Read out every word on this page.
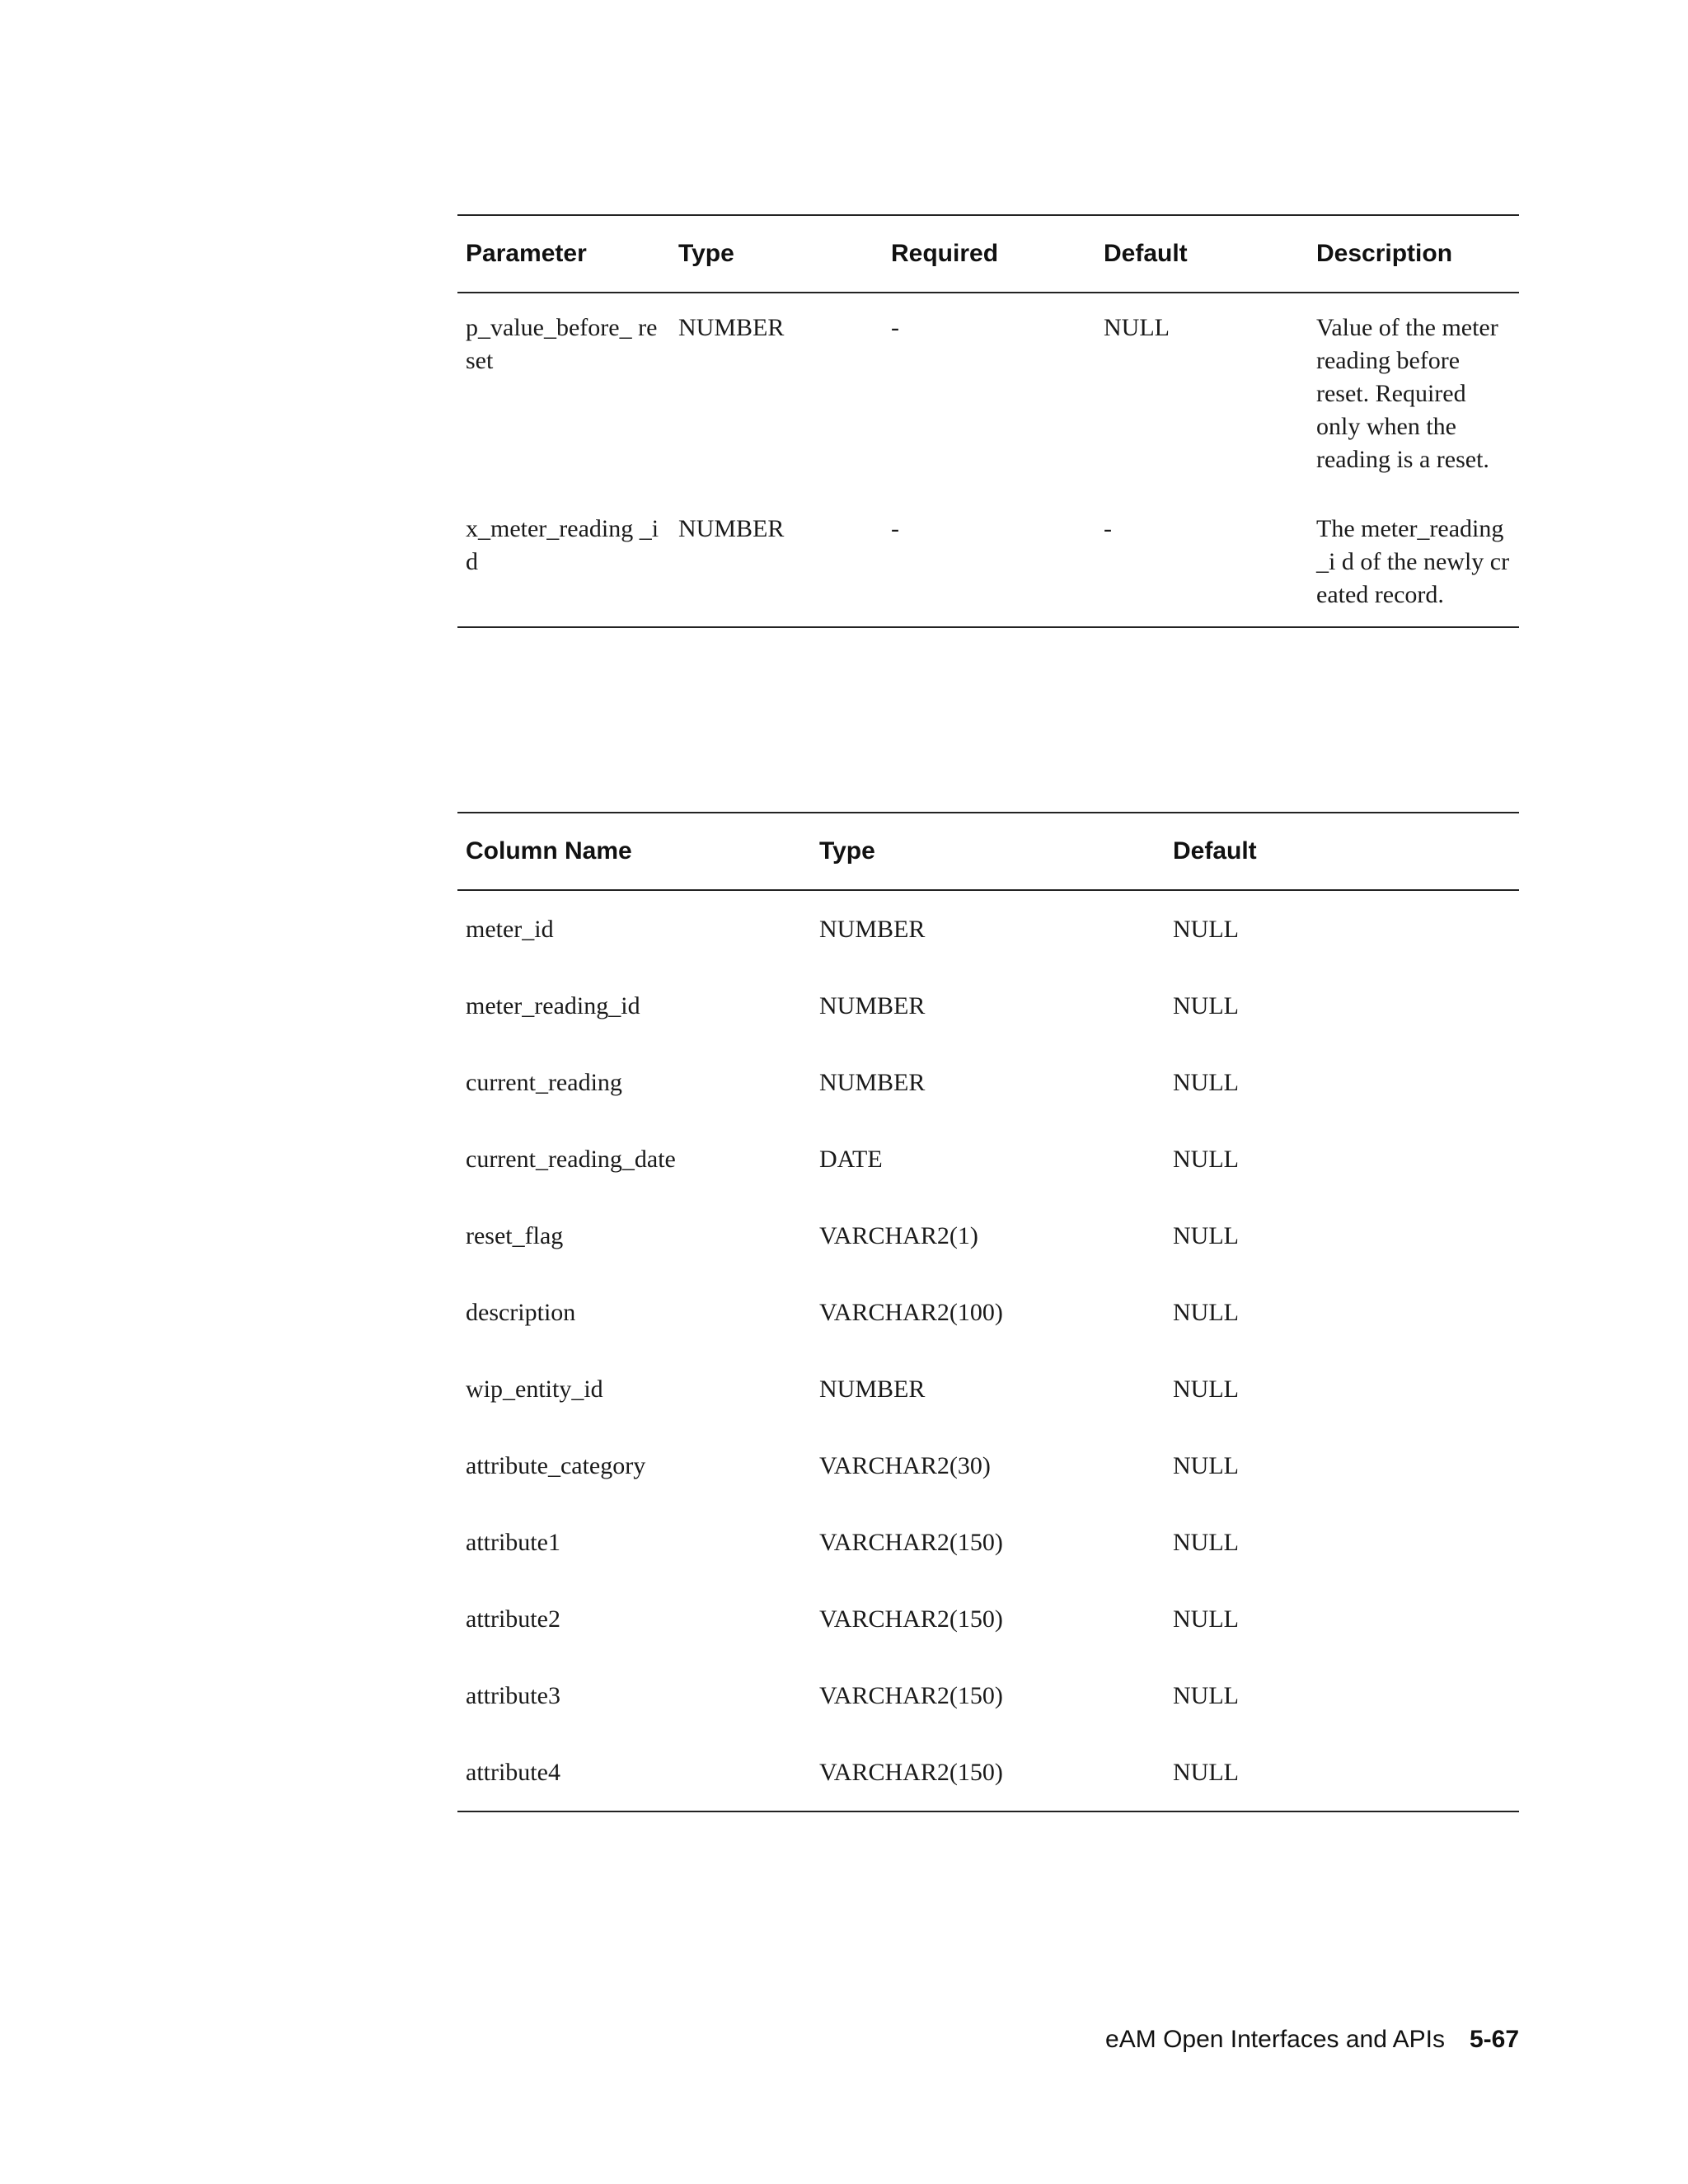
Parameter	Type	Required	Default	Description
p_value_before_ reset	NUMBER	-	NULL	Value of the meter reading before reset. Required only when the reading is a reset.
x_meter_reading _id	NUMBER	-	-	The meter_reading_i d of the newly created record.
Column Name	Type	Default
meter_id	NUMBER	NULL
meter_reading_id	NUMBER	NULL
current_reading	NUMBER	NULL
current_reading_date	DATE	NULL
reset_flag	VARCHAR2(1)	NULL
description	VARCHAR2(100)	NULL
wip_entity_id	NUMBER	NULL
attribute_category	VARCHAR2(30)	NULL
attribute1	VARCHAR2(150)	NULL
attribute2	VARCHAR2(150)	NULL
attribute3	VARCHAR2(150)	NULL
attribute4	VARCHAR2(150)	NULL
eAM Open Interfaces and APIs 5-67
